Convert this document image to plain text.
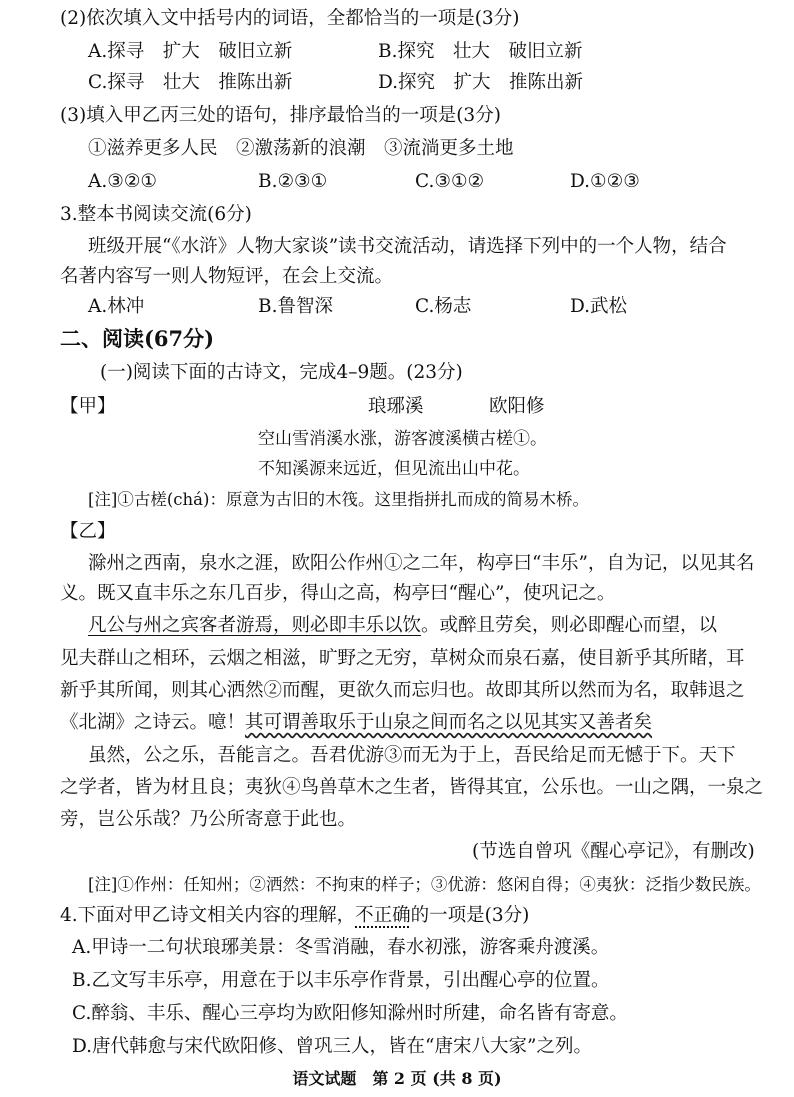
(2)依次填入文中括号内的词语，全都恰当的一项是(3分)
A.探寻　扩大　破旧立新	B.探究　壮大　破旧立新
C.探寻　壮大　推陈出新	D.探究　扩大　推陈出新
(3)填入甲乙丙三处的语句，排序最恰当的一项是(3分)
①滋养更多人民　②激荡新的浪潮　③流淌更多土地
A.③②①	B.②③①	C.③①②	D.①②③
3.整本书阅读交流(6分)
班级开展“《水浒》人物大家谈”读书交流活动，请选择下列中的一个人物，结合
名著内容写一则人物短评，在会上交流。
A.林冲	B.鲁智深	C.杨志	D.武松
二、阅读(67分)
(一)阅读下面的古诗文，完成4–9题。(23分)
【甲】	琅琊溪	欧阳修
空山雪消溪水涨，游客渡溪横古槎①。
不知溪源来远近，但见流出山中花。
[注]①古槎(chá)：原意为古旧的木筏。这里指拼扎而成的简易木桥。
【乙】
滁州之西南，泉水之涯，欧阳公作州①之二年，构亭曰“丰乐”，自为记，以见其名
义。既又直丰乐之东几百步，得山之高，构亭曰“醒心”，使巩记之。
凡公与州之宾客者游焉，则必即丰乐以饮。或醉且劳矣，则必即醒心而望，以
见夫群山之相环，云烟之相滋，旷野之无穷，草树众而泉石嘉，使目新乎其所睹，耳
新乎其所闻，则其心洒然②而醒，更欲久而忘归也。故即其所以然而为名，取韩退之
《北湖》之诗云。噫！其可谓善取乐于山泉之间而名之以见其实又善者矣
虽然，公之乐，吾能言之。吾君优游③而无为于上，吾民给足而无憾于下。天下
之学者，皆为材且良；夷狄④鸟兽草木之生者，皆得其宜，公乐也。一山之隅，一泉之
旁，岂公乐哉？乃公所寄意于此也。
(节选自曾巩《醒心亭记》，有删改)
[注]①作州：任知州；②洒然：不拘束的样子；③优游：悠闲自得；④夷狄：泛指少数民族。
4.下面对甲乙诗文相关内容的理解，不正确的一项是(3分)
A.甲诗一二句状琅琊美景：冬雪消融，春水初涨，游客乘舟渡溪。
B.乙文写丰乐亭，用意在于以丰乐亭作背景，引出醒心亭的位置。
C.醉翁、丰乐、醒心三亭均为欧阳修知滁州时所建，命名皆有寄意。
D.唐代韩愈与宋代欧阳修、曾巩三人，皆在“唐宋八大家”之列。
语文试题　第 2 页 (共 8 页)
